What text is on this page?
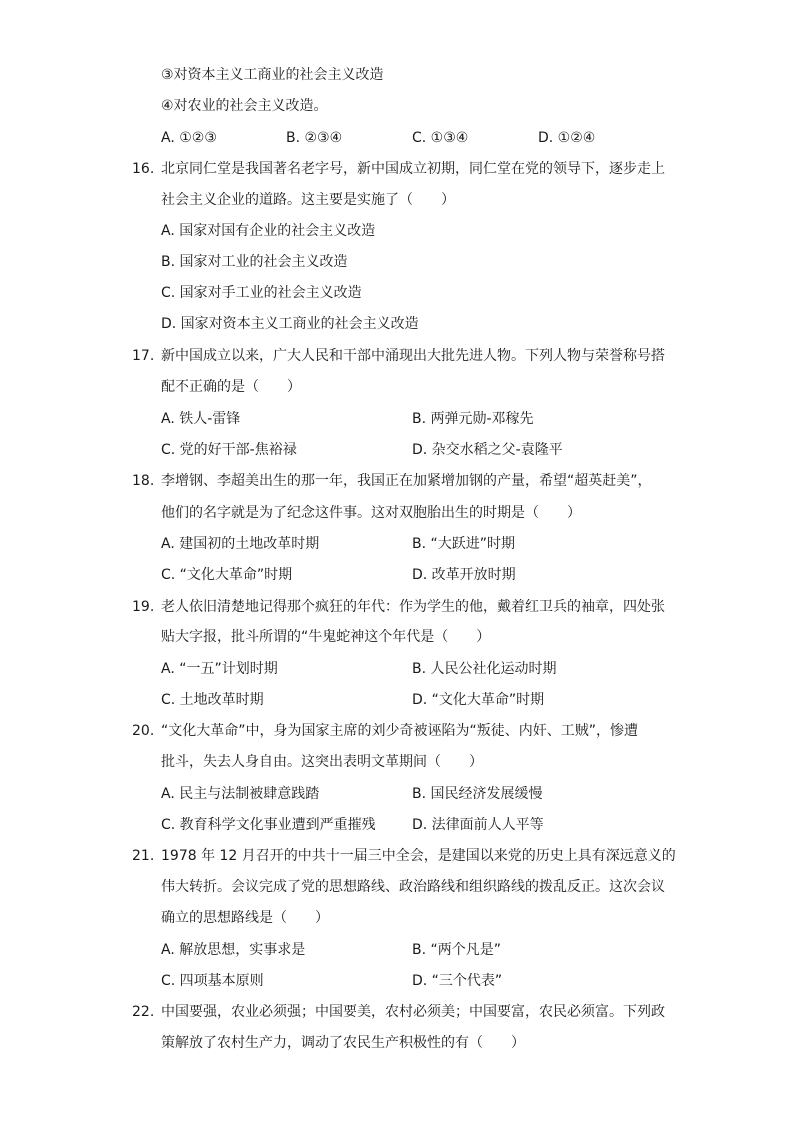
③对资本主义工商业的社会主义改造
④对农业的社会主义改造。
A. ①②③	B. ②③④	C. ①③④	D. ①②④
16. 北京同仁堂是我国著名老字号，新中国成立初期，同仁堂在党的领导下，逐步走上
社会主义企业的道路。这主要是实施了（　　）
A. 国家对国有企业的社会主义改造
B. 国家对工业的社会主义改造
C. 国家对手工业的社会主义改造
D. 国家对资本主义工商业的社会主义改造
17. 新中国成立以来，广大人民和干部中涌现出大批先进人物。下列人物与荣誉称号搭
配不正确的是（　　）
A. 铁人-雷锋	B. 两弹元勋-邓稼先
C. 党的好干部-焦裕禄	D. 杂交水稻之父-袁隆平
18. 李增钢、李超美出生的那一年，我国正在加紧增加钢的产量，希望“超英赶美”，
他们的名字就是为了纪念这件事。这对双胞胎出生的时期是（　　）
A. 建国初的土地改革时期	B. “大跃进”时期
C. “文化大革命”时期	D. 改革开放时期
19. 老人依旧清楚地记得那个疯狂的年代：作为学生的他，戴着红卫兵的袖章，四处张
贴大字报，批斗所谓的“牛鬼蛇神这个年代是（　　）
A. “一五”计划时期	B. 人民公社化运动时期
C. 土地改革时期	D. “文化大革命”时期
20. “文化大革命”中，身为国家主席的刘少奇被诬陷为“叛徒、内奸、工贼”，惨遭
批斗，失去人身自由。这突出表明文革期间（　　）
A. 民主与法制被肆意践踏	B. 国民经济发展缓慢
C. 教育科学文化事业遭到严重摧残	D. 法律面前人人平等
21. 1978 年 12 月召开的中共十一届三中全会，是建国以来党的历史上具有深远意义的
伟大转折。会议完成了党的思想路线、政治路线和组织路线的拨乱反正。这次会议
确立的思想路线是（　　）
A. 解放思想，实事求是	B. “两个凡是”
C. 四项基本原则	D. “三个代表”
22. 中国要强，农业必须强；中国要美，农村必须美；中国要富，农民必须富。下列政
策解放了农村生产力，调动了农民生产积极性的有（　　）
